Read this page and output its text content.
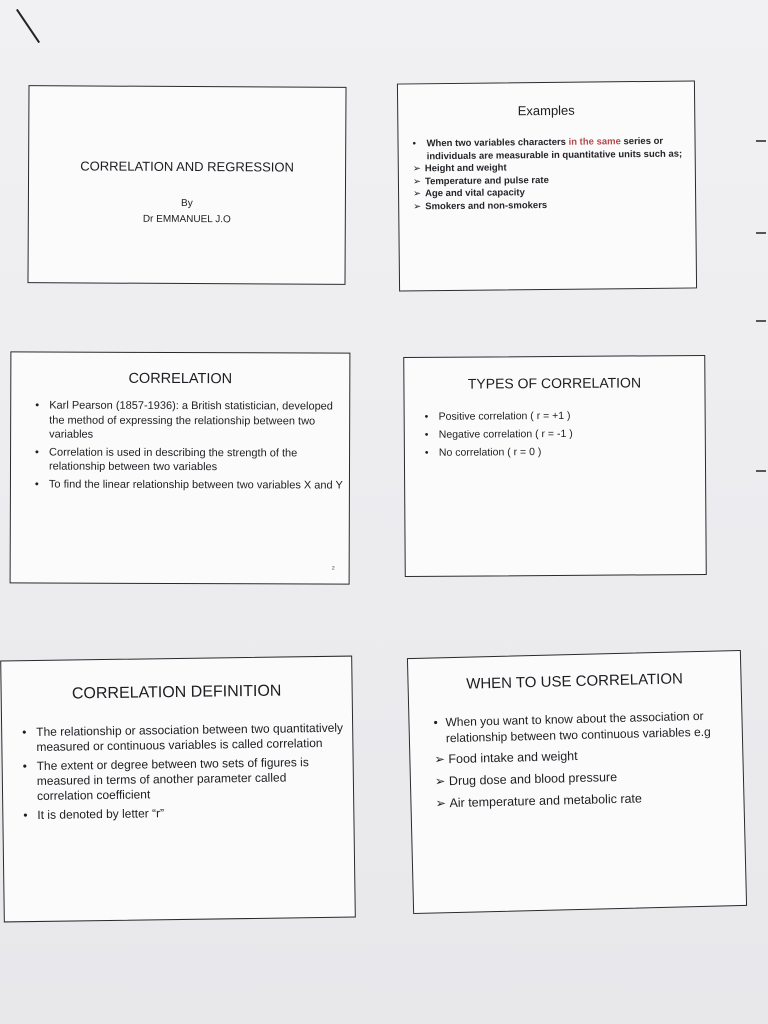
CORRELATION AND REGRESSION
By
Dr EMMANUEL J.O
Examples
• When two variables characters in the same series or individuals are measurable in quantitative units such as;
➢ Height and weight
➢ Temperature and pulse rate
➢ Age and vital capacity
➢ Smokers and non-smokers
CORRELATION
• Karl Pearson (1857-1936): a British statistician, developed the method of expressing the relationship between two variables
• Correlation is used in describing the strength of the relationship between two variables
• To find the linear relationship between two variables X and Y
2
TYPES OF CORRELATION
• Positive correlation ( r = +1 )
• Negative correlation ( r = -1 )
• No correlation ( r = 0 )
CORRELATION DEFINITION
• The relationship or association between two quantitatively measured or continuous variables is called correlation
• The extent or degree between two sets of figures is measured in terms of another parameter called correlation coefficient
• It is denoted by letter “r”
WHEN TO USE CORRELATION
• When you want to know about the association or relationship between two continuous variables e.g
➢ Food intake and weight
➢ Drug dose and blood pressure
➢ Air temperature and metabolic rate
